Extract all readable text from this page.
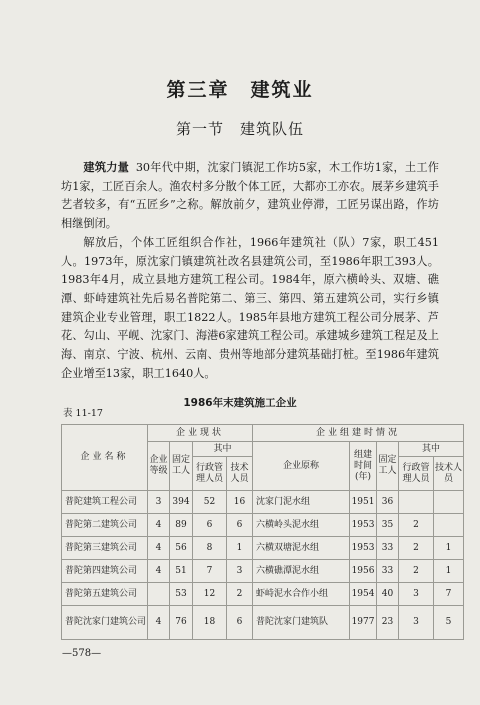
第三章　建筑业
第一节　建筑队伍

建筑力量 30年代中期，沈家门镇泥工作坊5家，木工作坊1家，土工作坊1家，工匠百余人。渔农村多分散个体工匠，大都亦工亦农。展茅乡建筑手艺者较多，有“五匠乡”之称。解放前夕，建筑业停滞，工匠另谋出路，作坊相继倒闭。

解放后，个体工匠组织合作社，1966年建筑社（队）7家，职工451人。1973年，原沈家门镇建筑社改名县建筑公司，至1986年职工393人。1983年4月，成立县地方建筑工程公司。1984年，原六横岭头、双塘、礁潭、虾峙建筑社先后易名普陀第二、第三、第四、第五建筑公司，实行乡镇建筑企业专业管理，职工1822人。1985年县地方建筑工程公司分展茅、芦花、勾山、平岘、沈家门、海港6家建筑工程公司。承建城乡建筑工程足及上海、南京、宁波、杭州、云南、贵州等地部分建筑基础打桩。至1986年建筑企业增至13家，职工1640人。

1986年末建筑施工企业
表 11-17
企业名称	企业现状				企业组建时情况				
	企业等级	固定工人	其中		企业原称	组建时间(年)	固定工人	其中	
			行政管理人员	技术人员				行政管理人员	技术人员
普陀建筑工程公司	3	394	52	16	沈家门泥水组	1951	36		
普陀第二建筑公司	4	89	6	6	六横岭头泥水组	1953	35	2	
普陀第三建筑公司	4	56	8	1	六横双塘泥水组	1953	33	2	1
普陀第四建筑公司	4	51	7	3	六横礁潭泥水组	1956	33	2	1
普陀第五建筑公司		53	12	2	虾峙泥水合作小组	1954	40	3	7
普陀沈家门建筑公司	4	76	18	6	普陀沈家门建筑队	1977	23	3	5
—578—
